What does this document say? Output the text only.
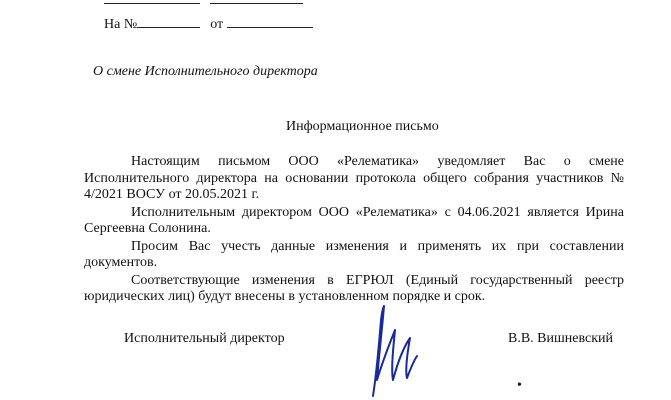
На №	от
О смене Исполнительного директора
Информационное письмо

Настоящим письмом ООО «Релематика» уведомляет Вас о смене Исполнительного директора на основании протокола общего собрания участников № 4/2021 ВОСУ от 20.05.2021 г.

Исполнительным директором ООО «Релематика» с 04.06.2021 является Ирина Сергеевна Солонина.

Просим Вас учесть данные изменения и применять их при составлении документов.

Соответствующие изменения в ЕГРЮЛ (Единый государственный реестр юридических лиц) будут внесены в установленном порядке и срок.

Исполнительный директор	В.В. Вишневский
•
